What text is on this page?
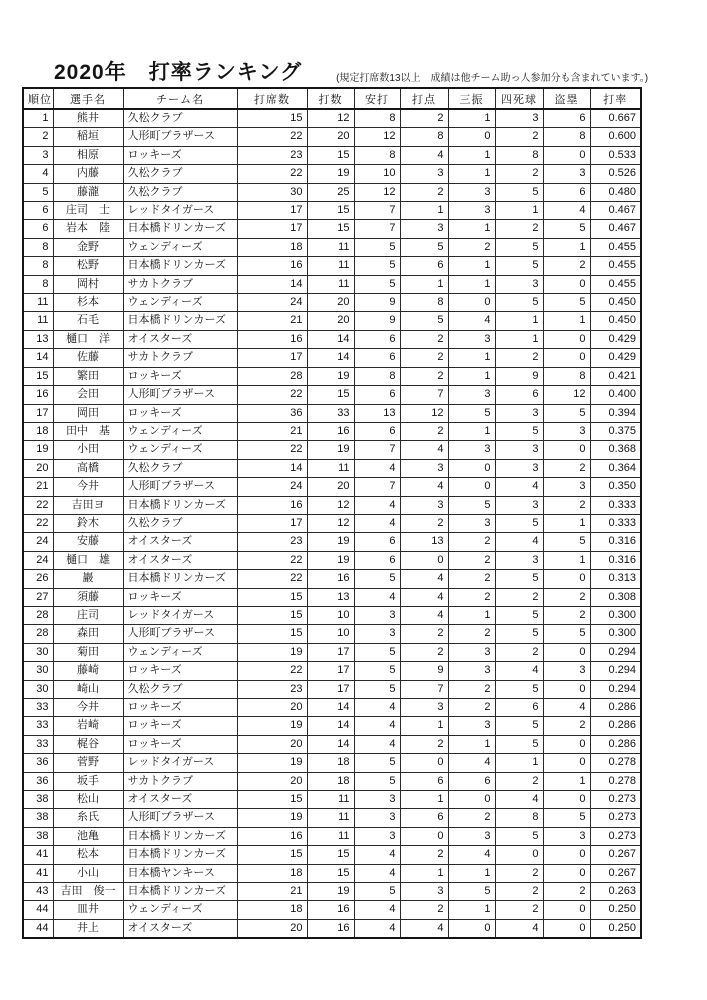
2020年　打率ランキング	(規定打席数13以上　成績は他チーム助っ人参加分も含まれています。)
順位	選手名	チーム名	打席数	打数	安打	打点	三振	四死球	盗塁	打率
1	熊井	久松クラブ	15	12	8	2	1	3	6	0.667
2	稲垣	人形町ブラザース	22	20	12	8	0	2	8	0.600
3	相原	ロッキーズ	23	15	8	4	1	8	0	0.533
4	内藤	久松クラブ	22	19	10	3	1	2	3	0.526
5	藤瀧	久松クラブ	30	25	12	2	3	5	6	0.480
6	庄司　士	レッドタイガース	17	15	7	1	3	1	4	0.467
6	岩本　陸	日本橋ドリンカーズ	17	15	7	3	1	2	5	0.467
8	金野	ウェンディーズ	18	11	5	5	2	5	1	0.455
8	松野	日本橋ドリンカーズ	16	11	5	6	1	5	2	0.455
8	岡村	サカトクラブ	14	11	5	1	1	3	0	0.455
11	杉本	ウェンディーズ	24	20	9	8	0	5	5	0.450
11	石毛	日本橋ドリンカーズ	21	20	9	5	4	1	1	0.450
13	樋口　洋	オイスターズ	16	14	6	2	3	1	0	0.429
14	佐藤	サカトクラブ	17	14	6	2	1	2	0	0.429
15	繁田	ロッキーズ	28	19	8	2	1	9	8	0.421
16	会田	人形町ブラザース	22	15	6	7	3	6	12	0.400
17	岡田	ロッキーズ	36	33	13	12	5	3	5	0.394
18	田中　基	ウェンディーズ	21	16	6	2	1	5	3	0.375
19	小田	ウェンディーズ	22	19	7	4	3	3	0	0.368
20	高橋	久松クラブ	14	11	4	3	0	3	2	0.364
21	今井	人形町ブラザース	24	20	7	4	0	4	3	0.350
22	吉田ヨ	日本橋ドリンカーズ	16	12	4	3	5	3	2	0.333
22	鈴木	久松クラブ	17	12	4	2	3	5	1	0.333
24	安藤	オイスターズ	23	19	6	13	2	4	5	0.316
24	樋口　雄	オイスターズ	22	19	6	0	2	3	1	0.316
26	巖	日本橋ドリンカーズ	22	16	5	4	2	5	0	0.313
27	須藤	ロッキーズ	15	13	4	4	2	2	2	0.308
28	庄司	レッドタイガース	15	10	3	4	1	5	2	0.300
28	森田	人形町ブラザース	15	10	3	2	2	5	5	0.300
30	菊田	ウェンディーズ	19	17	5	2	3	2	0	0.294
30	藤崎	ロッキーズ	22	17	5	9	3	4	3	0.294
30	崎山	久松クラブ	23	17	5	7	2	5	0	0.294
33	今井	ロッキーズ	20	14	4	3	2	6	4	0.286
33	岩崎	ロッキーズ	19	14	4	1	3	5	2	0.286
33	梶谷	ロッキーズ	20	14	4	2	1	5	0	0.286
36	菅野	レッドタイガース	19	18	5	0	4	1	0	0.278
36	坂手	サカトクラブ	20	18	5	6	6	2	1	0.278
38	松山	オイスターズ	15	11	3	1	0	4	0	0.273
38	糸氏	人形町ブラザース	19	11	3	6	2	8	5	0.273
38	池亀	日本橋ドリンカーズ	16	11	3	0	3	5	3	0.273
41	松本	日本橋ドリンカーズ	15	15	4	2	4	0	0	0.267
41	小山	日本橋ヤンキース	18	15	4	1	1	2	0	0.267
43	吉田　俊一	日本橋ドリンカーズ	21	19	5	3	5	2	2	0.263
44	皿井	ウェンディーズ	18	16	4	2	1	2	0	0.250
44	井上	オイスターズ	20	16	4	4	0	4	0	0.250
